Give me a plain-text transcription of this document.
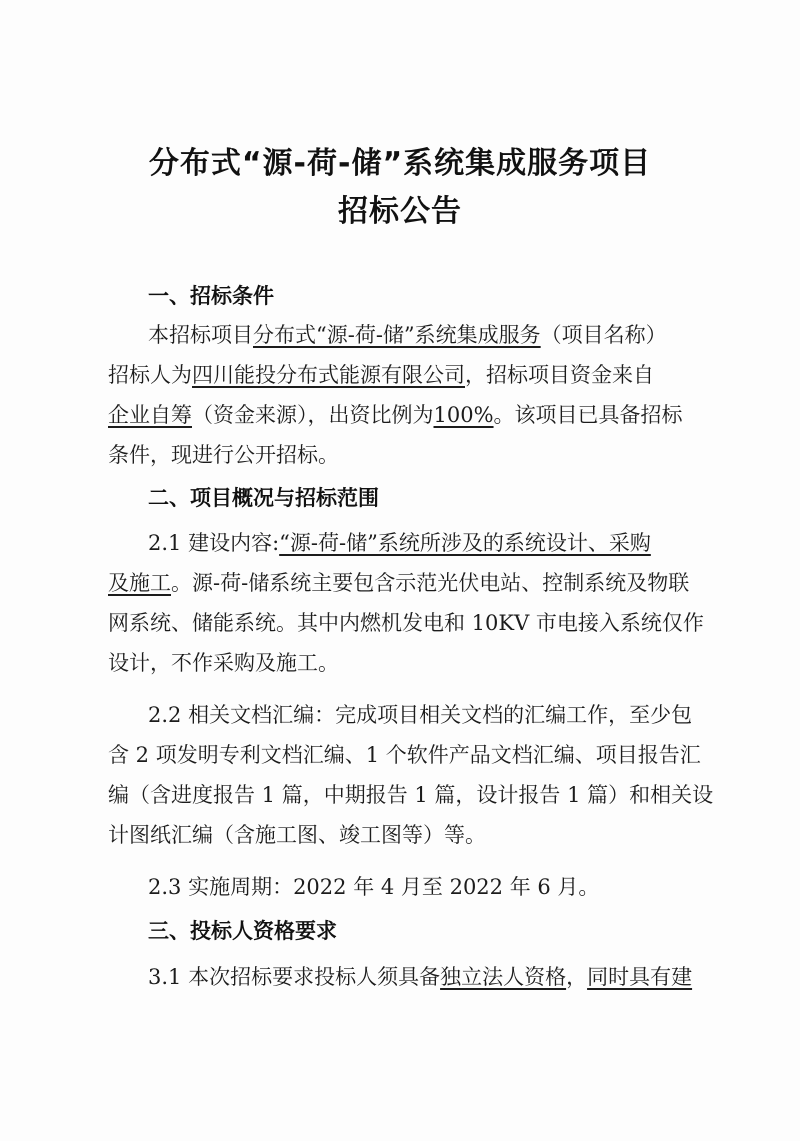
分布式“源-荷-储”系统集成服务项目
招标公告
一、招标条件
本招标项目分布式“源-荷-储”系统集成服务（项目名称）
招标人为四川能投分布式能源有限公司，招标项目资金来自
企业自筹（资金来源），出资比例为100%。该项目已具备招标
条件，现进行公开招标。
二、项目概况与招标范围
2.1 建设内容:“源-荷-储”系统所涉及的系统设计、采购
及施工。源-荷-储系统主要包含示范光伏电站、控制系统及物联
网系统、储能系统。其中内燃机发电和 10KV 市电接入系统仅作
设计，不作采购及施工。
2.2 相关文档汇编：完成项目相关文档的汇编工作，至少包
含 2 项发明专利文档汇编、1 个软件产品文档汇编、项目报告汇
编（含进度报告 1 篇，中期报告 1 篇，设计报告 1 篇）和相关设
计图纸汇编（含施工图、竣工图等）等。
2.3 实施周期：2022 年 4 月至 2022 年 6 月。
三、投标人资格要求
3.1 本次招标要求投标人须具备独立法人资格，同时具有建
